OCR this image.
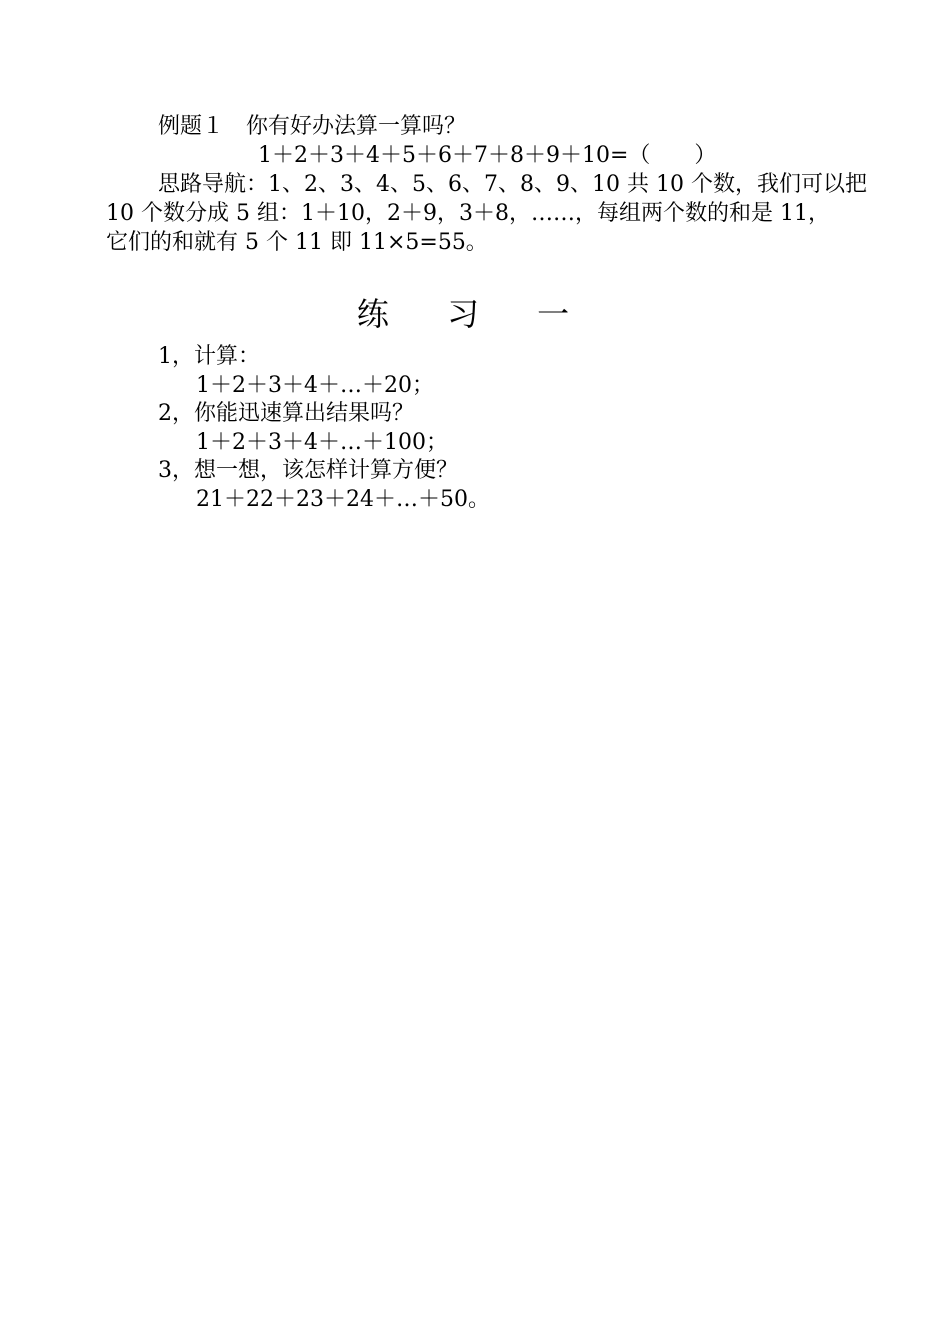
例题１　你有好办法算一算吗？
1＋2＋3＋4＋5＋6＋7＋8＋9＋10=（　　）
思路导航：1、2、3、4、5、6、7、8、9、10 共 10 个数，我们可以把
10 个数分成 5 组：1＋10，2＋9，3＋8，……，每组两个数的和是 11，
它们的和就有 5 个 11 即 11×5=55。
练 习 一
1，计算：
1＋2＋3＋4＋…＋20；
2，你能迅速算出结果吗？
1＋2＋3＋4＋…＋100；
3，想一想，该怎样计算方便？
21＋22＋23＋24＋…＋50。
